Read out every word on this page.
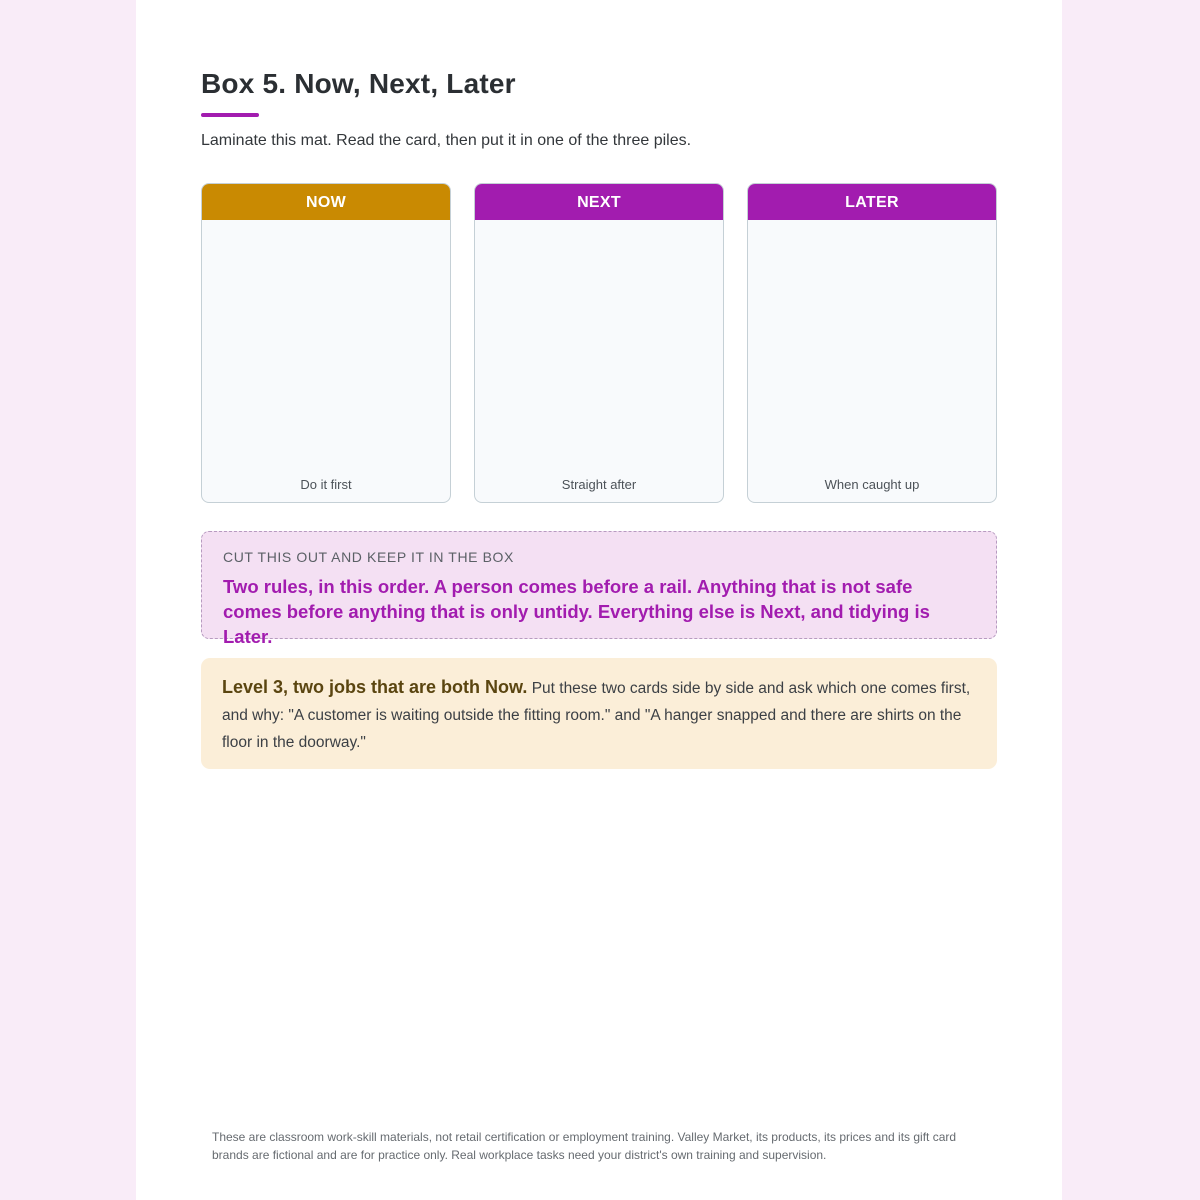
Box 5. Now, Next, Later

Laminate this mat. Read the card, then put it in one of the three piles.

NOW
Do it first
NEXT
Straight after
LATER
When caught up

CUT THIS OUT AND KEEP IT IN THE BOX

Two rules, in this order. A person comes before a rail. Anything that is not safe comes before anything that is only untidy. Everything else is Next, and tidying is Later.

Level 3, two jobs that are both Now. Put these two cards side by side and ask which one comes first, and why: "A customer is waiting outside the fitting room." and "A hanger snapped and there are shirts on the floor in the doorway."

These are classroom work-skill materials, not retail certification or employment training. Valley Market, its products, its prices and its gift card brands are fictional and are for practice only. Real workplace tasks need your district's own training and supervision.
